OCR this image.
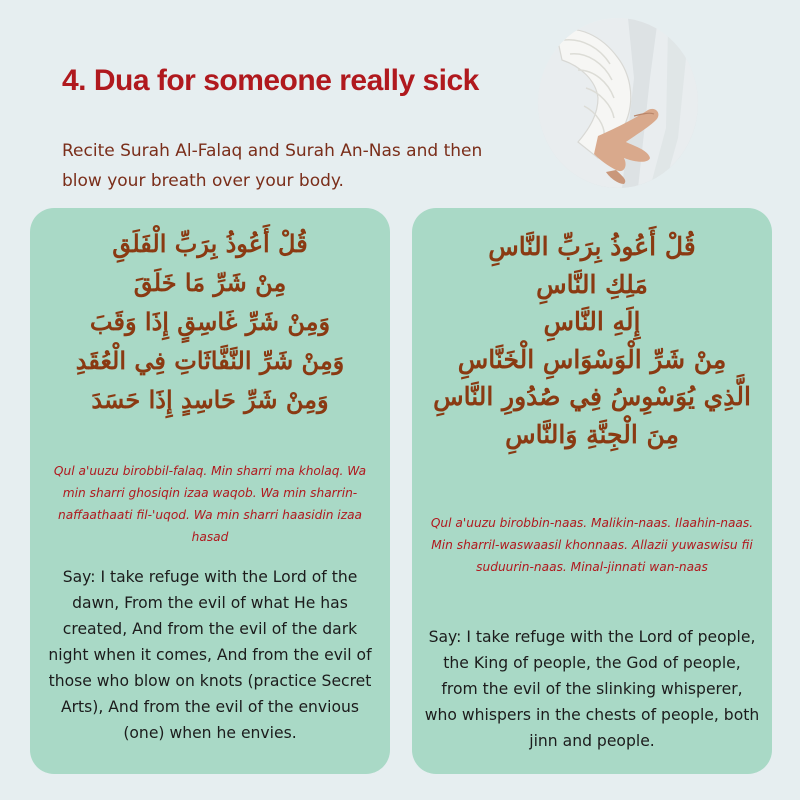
4. Dua for someone really sick
Recite Surah Al-Falaq and Surah An-Nas and then blow your breath over your body.
قُلْ أَعُوذُ بِرَبِّ الْفَلَقِ
مِنْ شَرِّ مَا خَلَقَ
وَمِنْ شَرِّ غَاسِقٍ إِذَا وَقَبَ
وَمِنْ شَرِّ النَّفَّاثَاتِ فِي الْعُقَدِ
وَمِنْ شَرِّ حَاسِدٍ إِذَا حَسَدَ
Qul a'uuzu birobbil-falaq. Min sharri ma kholaq. Wa min sharri ghosiqin izaa waqob. Wa min sharrin-naffaathaati fil-'uqod. Wa min sharri haasidin izaa hasad
Say: I take refuge with the Lord of the dawn, From the evil of what He has created, And from the evil of the dark night when it comes, And from the evil of those who blow on knots (practice Secret Arts), And from the evil of the envious (one) when he envies.
قُلْ أَعُوذُ بِرَبِّ النَّاسِ
مَلِكِ النَّاسِ
إِلَهِ النَّاسِ
مِنْ شَرِّ الْوَسْوَاسِ الْخَنَّاسِ
الَّذِي يُوَسْوِسُ فِي صُدُورِ النَّاسِ
مِنَ الْجِنَّةِ وَالنَّاسِ
Qul a'uuzu birobbin-naas. Malikin-naas. Ilaahin-naas. Min sharril-waswaasil khonnaas. Allazii yuwaswisu fii suduurin-naas. Minal-jinnati wan-naas
Say: I take refuge with the Lord of people, the King of people, the God of people, from the evil of the slinking whisperer, who whispers in the chests of people, both jinn and people.
